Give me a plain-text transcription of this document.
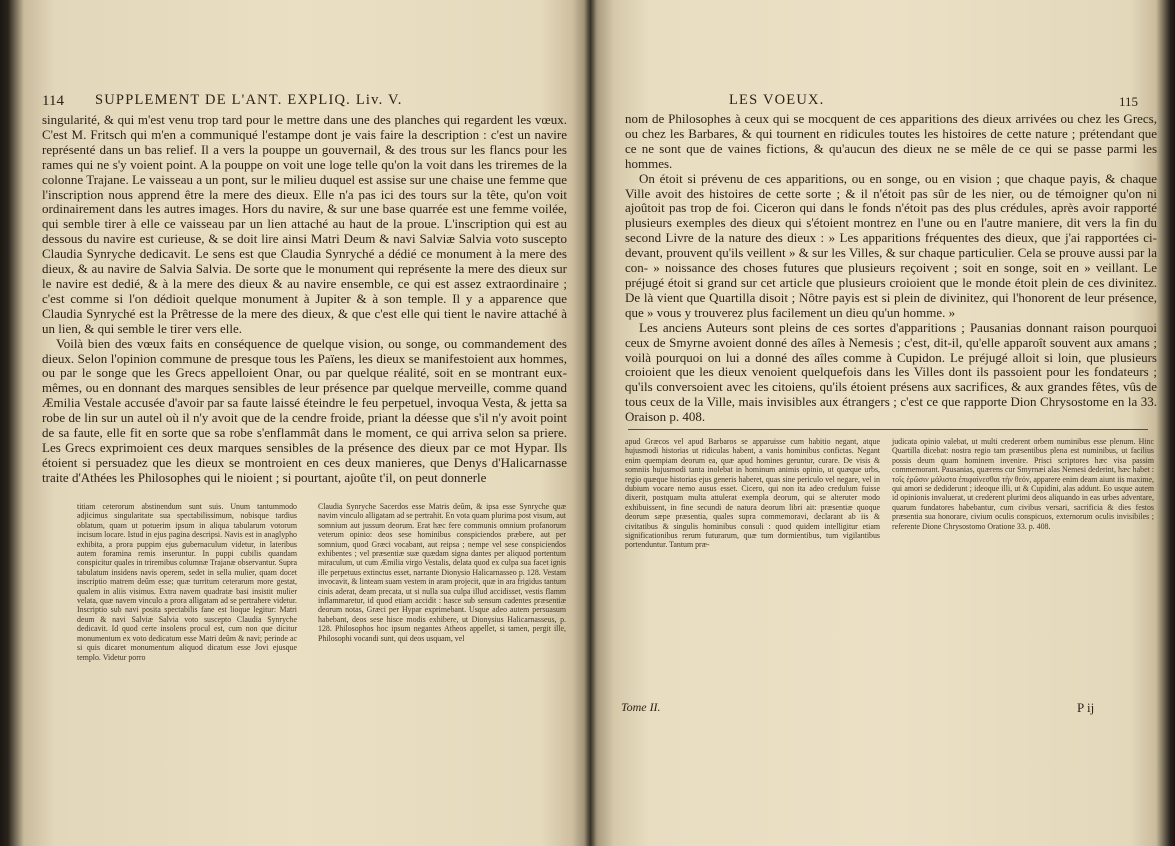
114 SUPPLEMENT DE L'ANT. EXPLIQ. Liv. V.

singularité, & qui m'est venu trop tard pour le mettre dans une des planches qui regardent les vœux. C'est M. Fritsch qui m'en a communiqué l'estampe dont je vais faire la description : c'est un navire représenté dans un bas relief. Il a vers la pouppe un gouvernail, & des trous sur les flancs pour les rames qui ne s'y voient point. A la pouppe on voit une loge telle qu'on la voit dans les triremes de la colonne Trajane. Le vaisseau a un pont, sur le milieu duquel est assise sur une chaise une femme que l'inscription nous apprend être la mere des dieux. Elle n'a pas ici des tours sur la tête, qu'on voit ordinairement dans les autres images. Hors du navire, & sur une base quarrée est une femme voilée, qui semble tirer à elle ce vaisseau par un lien attaché au haut de la proue. L'inscription qui est au dessous du navire est curieuse, & se doit lire ainsi Matri Deum & navi Salviæ Salvia voto suscepto Claudia Synryche dedicavit. Le sens est que Claudia Synryché a dédié ce monument à la mere des dieux, & au navire de Salvia Salvia. De sorte que le monument qui représente la mere des dieux sur le navire est dedié, & à la mere des dieux & au navire ensemble, ce qui est assez extraordinaire ; c'est comme si l'on dédioit quelque monument à Jupiter & à son temple. Il y a apparence que Claudia Synryché est la Prêtresse de la mere des dieux, & que c'est elle qui tient le navire attaché à un lien, & qui semble le tirer vers elle.

Voilà bien des vœux faits en conséquence de quelque vision, ou songe, ou commandement des dieux. Selon l'opinion commune de presque tous les Païens, les dieux se manifestoient aux hommes, ou par le songe que les Grecs appelloient Onar, ou par quelque réalité, soit en se montrant eux-mêmes, ou en donnant des marques sensibles de leur présence par quelque merveille, comme quand Æmilia Vestale accusée d'avoir par sa faute laissé éteindre le feu perpetuel, invoqua Vesta, & jetta sa robe de lin sur un autel où il n'y avoit que de la cendre froide, priant la déesse que s'il n'y avoit point de sa faute, elle fit en sorte que sa robe s'enflammât dans le moment, ce qui arriva selon sa priere. Les Grecs exprimoient ces deux marques sensibles de la présence des dieux par ce mot Hypar. Ils étoient si persuadez que les dieux se montroient en ces deux manieres, que Denys d'Halicarnasse traite d'Athées les Philosophes qui le nioient ; si pourtant, ajoûte t'il, on peut donnerle

titiam ceterorum abstinendum sunt suis. Unum tantummodo adjicimus singularitate sua spectabilissimum, nobisque tardius oblatum, quam ut potuerim ipsum in aliqua tabularum votorum incisum locare. Istud in ejus pagina descripsi. Navis est in anaglypho exhibita, a prora puppim ejus gubernaculum videtur, in lateribus autem foramina remis inseruntur. In puppi cubilis quandam conspicitur quales in triremibus columnæ Trajanæ observantur. Supra tabulatum insidens navis operem, sedet in sella mulier, quam docet inscriptio matrem deûm esse; quæ turritum ceterarum more gestat, qualem in aliis visimus. Extra navem quadratæ basi insistit mulier velata, quæ navem vinculo a prora alligatam ad se pertrahere videtur. Inscriptio sub navi posita spectabilis fane est lioque legitur: Matri deum & navi Salviæ Salvia voto suscepto Claudia Synryche dedicavit. Id quod certe insolens procul est, cum non que dicitur monumentum ex voto dedicatum esse Matri deûm & navi; perinde ac si quis dicaret monumentum aliquod dicatum esse Jovi ejusque templo. Videtur porro
Claudia Synryche Sacerdos esse Matris deûm, & ipsa esse Synryche quæ navim vinculo alligatam ad se pertrahit. En vota quam plurima post visum, aut somnium aut jussum deorum. Erat hæc fere communis omnium profanorum veterum opinio: deos sese hominibus conspiciendos præbere, aut per somnium, quod Græci vocabant, aut reipsa ; nempe vel sese conspiciendos exhibentes ; vel præsentiæ suæ quædam signa dantes per aliquod portentum miraculum, ut cum Æmilia virgo Vestalis, delata quod ex culpa sua facet ignis ille perpetuus extinctus esset, narrante Dionysio Halicarnasseo p. 128. Vestam invocavit, & linteam suam vestem in aram projecit, quæ in ara frigidus tantum cinis aderat, deam precata, ut si nulla sua culpa illud accidisset, vestis flamm inflammaretur, id quod etiam accidit : hasce sub sensum cadentes præsentiæ deorum notas, Græci per Hypar exprimebant. Usque adeo autem persuasum habebant, deos sese hisce modis exhibere, ut Dionysius Halicarnasseus, p. 128. Philosophos hoc ipsum negantes Atheos appellet, si tamen, pergit ille, Philosophi vocandi sunt, qui deos usquam, vel
LES VOEUX.	115

nom de Philosophes à ceux qui se mocquent de ces apparitions des dieux arrivées ou chez les Grecs, ou chez les Barbares, & qui tournent en ridicules toutes les histoires de cette nature ; prétendant que ce ne sont que de vaines fictions, & qu'aucun des dieux ne se mêle de ce qui se passe parmi les hommes.

On étoit si prévenu de ces apparitions, ou en songe, ou en vision ; que chaque payis, & chaque Ville avoit des histoires de cette sorte ; & il n'étoit pas sûr de les nier, ou de témoigner qu'on ni ajoûtoit pas trop de foi. Ciceron qui dans le fonds n'étoit pas des plus crédules, après avoir rapporté plusieurs exemples des dieux qui s'étoient montrez en l'une ou en l'autre maniere, dit vers la fin du second Livre de la nature des dieux : » Les apparitions fréquentes des dieux, que j'ai rapportées ci-devant, prouvent qu'ils veillent » & sur les Villes, & sur chaque particulier. Cela se prouve aussi par la con- » noissance des choses futures que plusieurs reçoivent ; soit en songe, soit en » veillant. Le préjugé étoit si grand sur cet article que plusieurs croioient que le monde étoit plein de ces divinitez. De là vient que Quartilla disoit ; Nôtre payis est si plein de divinitez, qui l'honorent de leur présence, que » vous y trouverez plus facilement un dieu qu'un homme. »

Les anciens Auteurs sont pleins de ces sortes d'apparitions ; Pausanias donnant raison pourquoi ceux de Smyrne avoient donné des aîles à Nemesis ; c'est, dit-il, qu'elle apparoît souvent aux amans ; voilà pourquoi on lui a donné des aîles comme à Cupidon. Le préjugé alloit si loin, que plusieurs croioient que les dieux venoient quelquefois dans les Villes dont ils passoient pour les fondateurs ; qu'ils conversoient avec les citoiens, qu'ils étoient présens aux sacrifices, & aux grandes fêtes, vûs de tous ceux de la Ville, mais invisibles aux étrangers ; c'est ce que rapporte Dion Chrysostome en la 33. Oraison p. 408.

apud Græcos vel apud Barbaros se apparuisse cum habitio negant, atque hujusmodi historias ut ridiculas habent, a vanis hominibus confictas. Negant enim quempiam deorum ea, quæ apud homines geruntur, curare. De visis & somniis hujusmodi tanta inolebat in hominum animis opinio, ut quæque urbs, regio quæque historias ejus generis haberet, quas sine periculo vel negare, vel in dubium vocare nemo ausus esset. Cicero, qui non ita adeo credulum fuisse dixerit, postquam multa attulerat exempla deorum, qui se alteruter modo exhibuissent, in fine secundi de natura deorum libri ait: præsentiæ quoque deorum sæpe præsentia, quales supra commemoravi, declarant ab iis & civitatibus & singulis hominibus consuli : quod quidem intelligitur etiam significationibus rerum futurarum, quæ tum dormientibus, tum vigilantibus portenduntur. Tantum præ-
judicata opinio valebat, ut multi crederent orbem numinibus esse plenum. Hinc Quartilla dicebat: nostra regio tam præsentibus plena est numinibus, ut facilius possis deum quam hominem invenire. Prisci scriptores hæc visa passim commemorant. Pausanias, quærens cur Smyrnæi alas Nemesi dederint, hæc habet : τοῖς ἐρῶσιν μάλιστα ἐπιφαίνεσθαι τὴν θεόν, apparere enim deam aiunt iis maxime, qui amori se dediderunt ; ideoque illi, ut & Cupidini, alas addunt. Eo usque autem id opinionis invaluerat, ut crederent plurimi deos aliquando in eas urbes adventare, quarum fundatores habebantur, cum civibus versari, sacrificia & dies festos præsentia sua honorare, civium oculis conspicuos, externorum oculis invisibiles ; referente Dione Chrysostomo Oratione 33. p. 408.
Tome II.	P ij
